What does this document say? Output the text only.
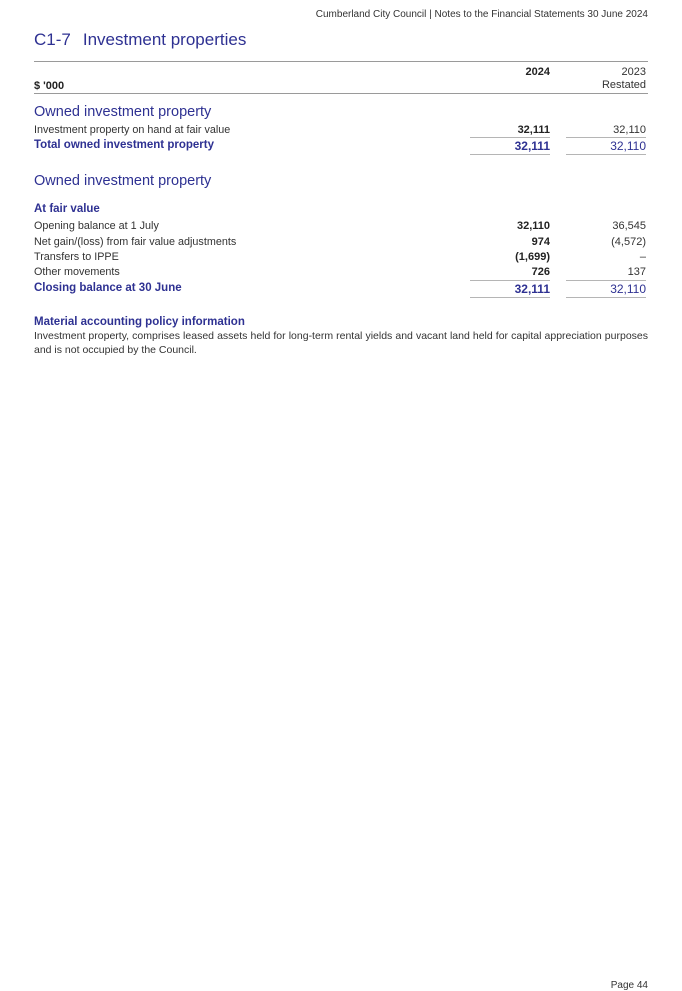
Cumberland City Council | Notes to the Financial Statements 30 June 2024
C1-7 Investment properties
2024	2023
Restated
$ '000
Owned investment property
Investment property on hand at fair value	32,111	32,110
Total owned investment property	32,111	32,110
Owned investment property
At fair value
Opening balance at 1 July	32,110	36,545
Net gain/(loss) from fair value adjustments	974	(4,572)
Transfers to IPPE	(1,699)	–
Other movements	726	137
Closing balance at 30 June	32,111	32,110
Material accounting policy information
Investment property, comprises leased assets held for long-term rental yields and vacant land held for capital appreciation purposes and is not occupied by the Council.
Page 44
